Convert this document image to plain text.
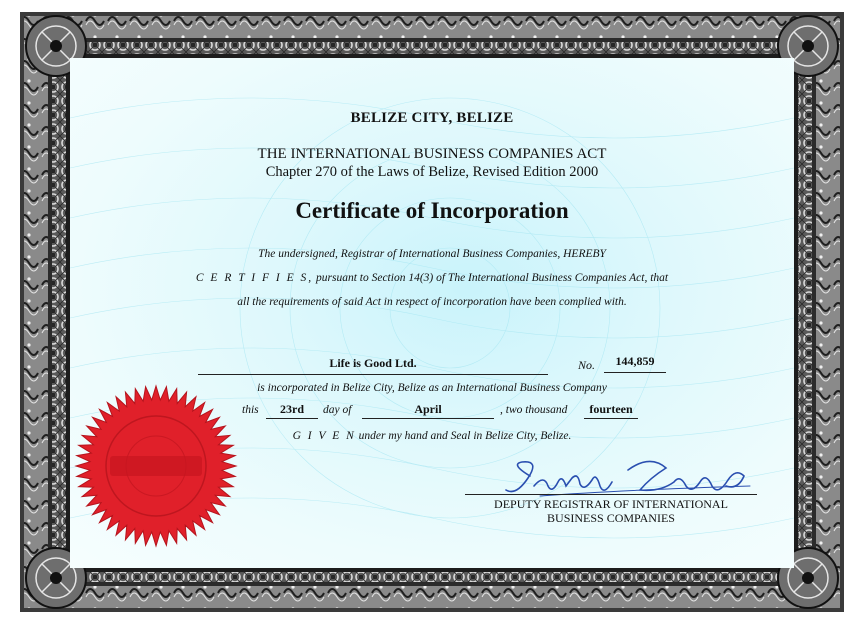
BELIZE CITY, BELIZE
THE INTERNATIONAL BUSINESS COMPANIES ACT
Chapter 270 of the Laws of Belize, Revised Edition 2000
Certificate of Incorporation
The undersigned, Registrar of International Business Companies, HEREBY
C E R T I F I E S, pursuant to Section 14(3) of The International Business Companies Act, that
all the requirements of said Act in respect of incorporation have been complied with.
Life is Good Ltd.	No.	144,859
is incorporated in Belize City, Belize as an International Business Company
this	23rd	day of	April	, two thousand	fourteen
G I V E N under my hand and Seal in Belize City, Belize.
DEPUTY REGISTRAR OF INTERNATIONAL
BUSINESS COMPANIES
